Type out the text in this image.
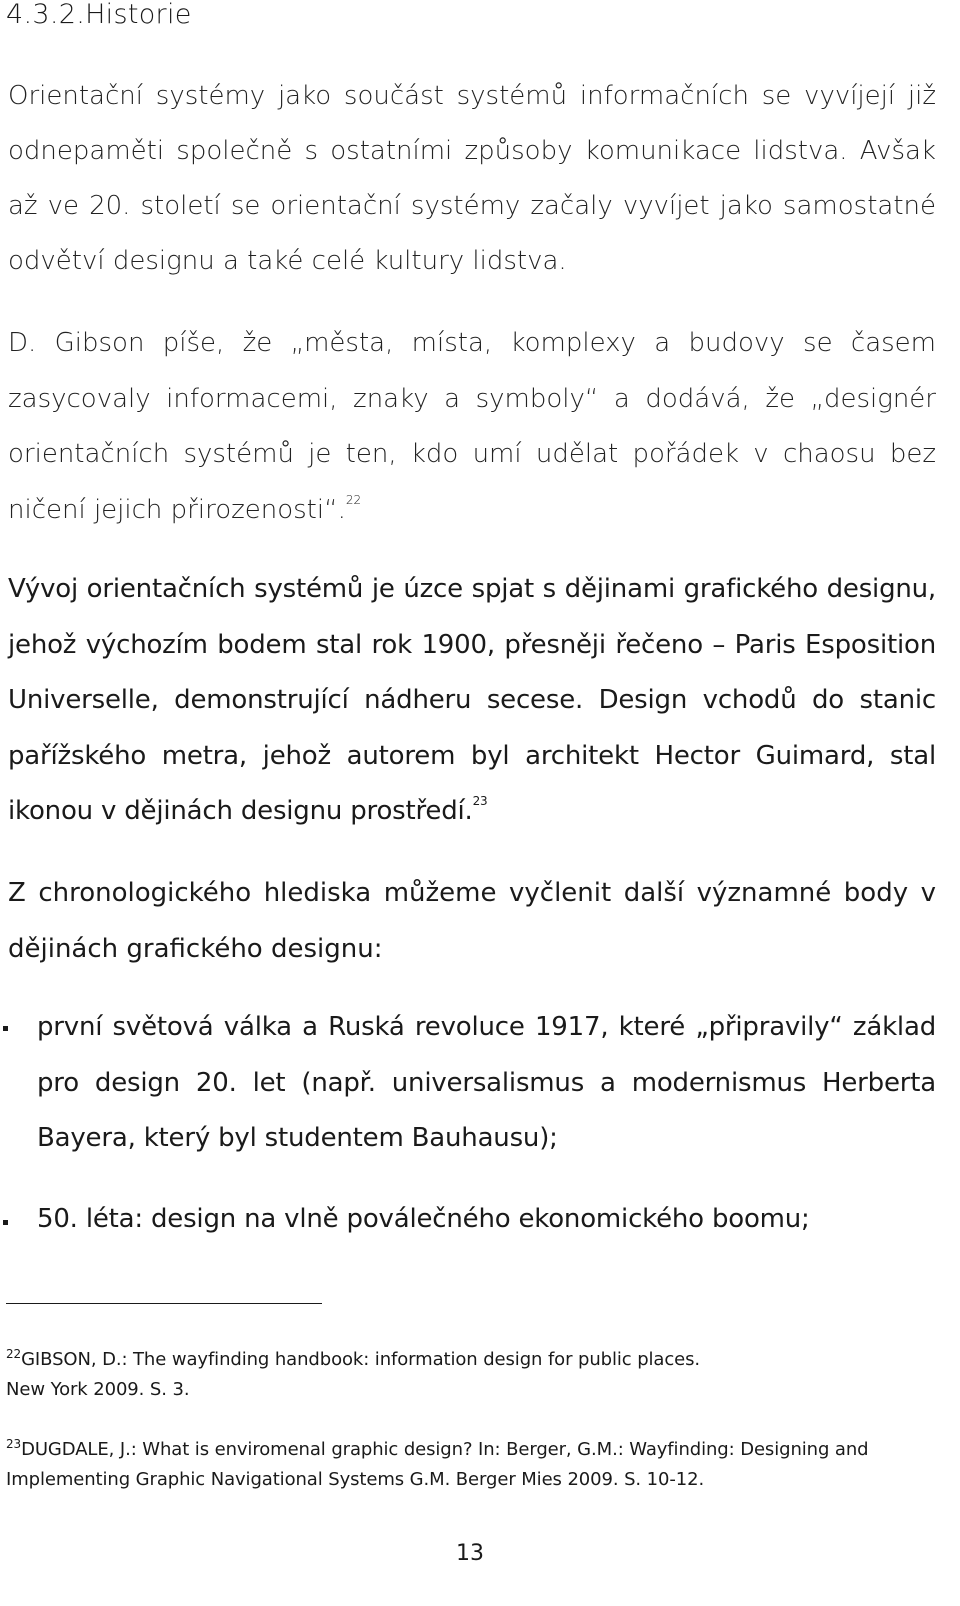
4.3.2.Historie

Orientační systémy jako součást systémů informačních se vyvíjejí již odnepaměti společně s ostatními způsoby komunikace lidstva. Avšak až ve 20. století se orientační systémy začaly vyvíjet jako samostatné odvětví designu a také celé kultury lidstva.

D. Gibson píše, že „města, místa, komplexy a budovy se časem zasycovaly informacemi, znaky a symboly“ a dodává, že „designér orientačních systémů je ten, kdo umí udělat pořádek v chaosu bez ničení jejich přirozenosti“.$^{22}$

Vývoj orientačních systémů je úzce spjat s dějinami grafického designu, jehož výchozím bodem stal rok 1900, přesněji řečeno – Paris Esposition Universelle, demonstrující nádheru secese. Design vchodů do stanic pařížského metra, jehož autorem byl architekt Hector Guimard, stal ikonou v dějinách designu prostředí.$^{23}$

Z chronologického hlediska můžeme vyčlenit další významné body v dějinách grafického designu:

první světová válka a Ruská revoluce 1917, které „připravily“ základ pro design 20. let (např. universalismus a modernismus Herberta Bayera, který byl studentem Bauhausu);

50. léta: design na vlně poválečného ekonomického boomu;

$^{22}$GIBSON, D.: The wayfinding handbook: information design for public places.
New York 2009. S. 3.

$^{23}$DUGDALE, J.: What is enviromenal graphic design? In: Berger, G.M.: Wayfinding: Designing and
Implementing Graphic Navigational Systems G.M. Berger Mies 2009. S. 10-12.

13
